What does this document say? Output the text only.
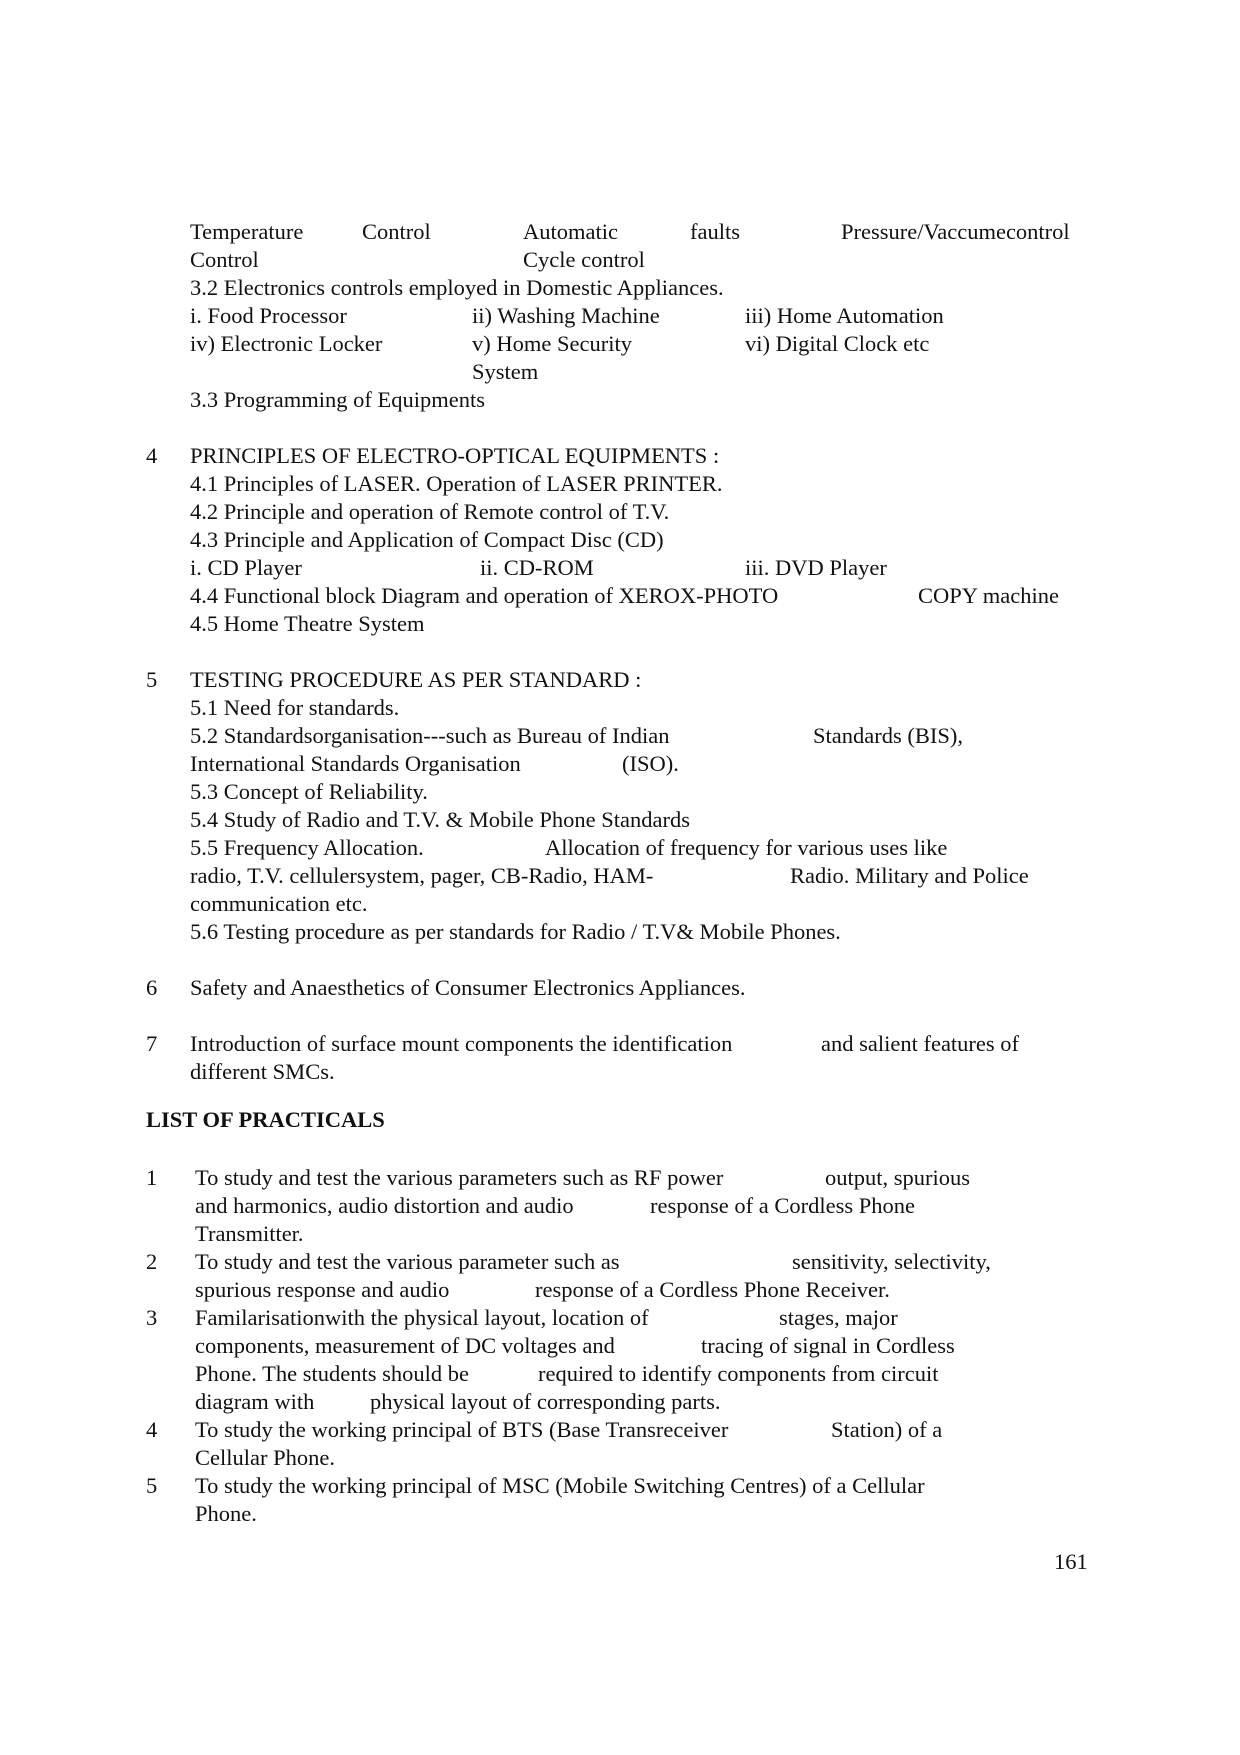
Temperature	Control	Automatic	faults	Pressure/Vaccumecontrol
Control	Cycle control
3.2 Electronics controls employed in Domestic Appliances.
i. Food Processor	ii) Washing Machine	iii) Home Automation
iv) Electronic Locker	v) Home Security	vi) Digital Clock etc
System
3.3 Programming of Equipments
4 PRINCIPLES OF ELECTRO-OPTICAL EQUIPMENTS :
4.1 Principles of LASER. Operation of LASER PRINTER.
4.2 Principle and operation of Remote control of T.V.
4.3 Principle and Application of Compact Disc (CD)
i. CD Player	ii. CD-ROM	iii. DVD Player
4.4 Functional block Diagram and operation of XEROX-PHOTO	COPY machine
4.5 Home Theatre System
5 TESTING PROCEDURE AS PER STANDARD :
5.1 Need for standards.
5.2 Standardsorganisation---such as Bureau of Indian	Standards (BIS),
International Standards Organisation	(ISO).
5.3 Concept of Reliability.
5.4 Study of Radio and T.V. & Mobile Phone Standards
5.5 Frequency Allocation.	Allocation of frequency for various uses like
radio, T.V. cellulersystem, pager, CB-Radio, HAM-	Radio. Military and Police
communication etc.
5.6 Testing procedure as per standards for Radio / T.V& Mobile Phones.
6 Safety and Anaesthetics of Consumer Electronics Appliances.
7 Introduction of surface mount components the identification	and salient features of
different SMCs.
LIST OF PRACTICALS
1 To study and test the various parameters such as RF power	output, spurious
and harmonics, audio distortion and audio	response of a Cordless Phone
Transmitter.
2 To study and test the various parameter such as	sensitivity, selectivity,
spurious response and audio	response of a Cordless Phone Receiver.
3 Familarisationwith the physical layout, location of	stages, major
components, measurement of DC voltages and	tracing of signal in Cordless
Phone. The students should be	required to identify components from circuit
diagram with physical layout of corresponding parts.
4 To study the working principal of BTS (Base Transreceiver	Station) of a
Cellular Phone.
5 To study the working principal of MSC (Mobile Switching Centres) of a Cellular
Phone.
161
